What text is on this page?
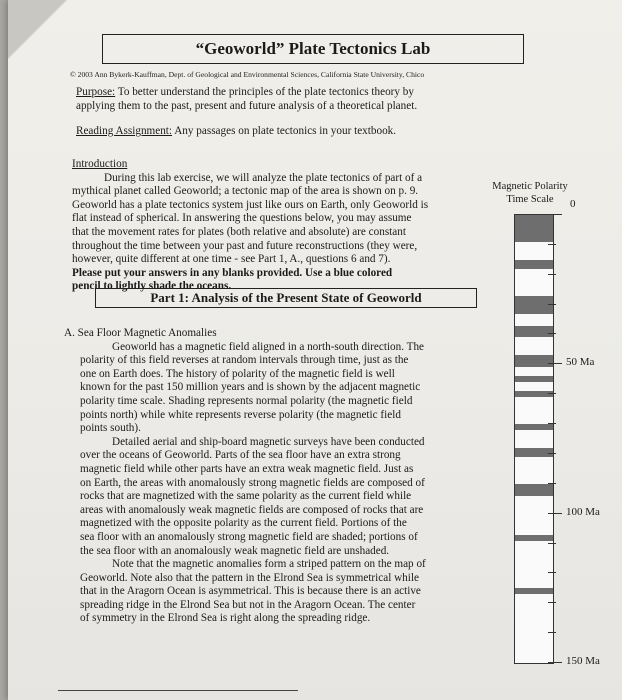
“Geoworld” Plate Tectonics Lab
© 2003 Ann Bykerk-Kauffman, Dept. of Geological and Environmental Sciences, California State University, Chico
Purpose: To better understand the principles of the plate tectonics theory by
applying them to the past, present and future analysis of a theoretical planet.
Reading Assignment: Any passages on plate tectonics in your textbook.
Introduction
During this lab exercise, we will analyze the plate tectonics of part of a
mythical planet called Geoworld; a tectonic map of the area is shown on p. 9.
Geoworld has a plate tectonics system just like ours on Earth, only Geoworld is
flat instead of spherical. In answering the questions below, you may assume
that the movement rates for plates (both relative and absolute) are constant
throughout the time between your past and future reconstructions (they were,
however, quite different at one time - see Part 1, A., questions 6 and 7).
Please put your answers in any blanks provided. Use a blue colored
pencil to lightly shade the oceans.
Part 1: Analysis of the Present State of Geoworld
A. Sea Floor Magnetic Anomalies
Geoworld has a magnetic field aligned in a north-south direction. The
polarity of this field reverses at random intervals through time, just as the
one on Earth does. The history of polarity of the magnetic field is well
known for the past 150 million years and is shown by the adjacent magnetic
polarity time scale. Shading represents normal polarity (the magnetic field
points north) while white represents reverse polarity (the magnetic field
points south).
Detailed aerial and ship-board magnetic surveys have been conducted
over the oceans of Geoworld. Parts of the sea floor have an extra strong
magnetic field while other parts have an extra weak magnetic field. Just as
on Earth, the areas with anomalously strong magnetic fields are composed of
rocks that are magnetized with the same polarity as the current field while
areas with anomalously weak magnetic fields are composed of rocks that are
magnetized with the opposite polarity as the current field. Portions of the
sea floor with an anomalously strong magnetic field are shaded; portions of
the sea floor with an anomalously weak magnetic field are unshaded.
Note that the magnetic anomalies form a striped pattern on the map of
Geoworld. Note also that the pattern in the Elrond Sea is symmetrical while
that in the Aragorn Ocean is asymmetrical. This is because there is an active
spreading ridge in the Elrond Sea but not in the Aragorn Ocean. The center
of symmetry in the Elrond Sea is right along the spreading ridge.
Magnetic Polarity
Time Scale	0
50 Ma
100 Ma
150 Ma
